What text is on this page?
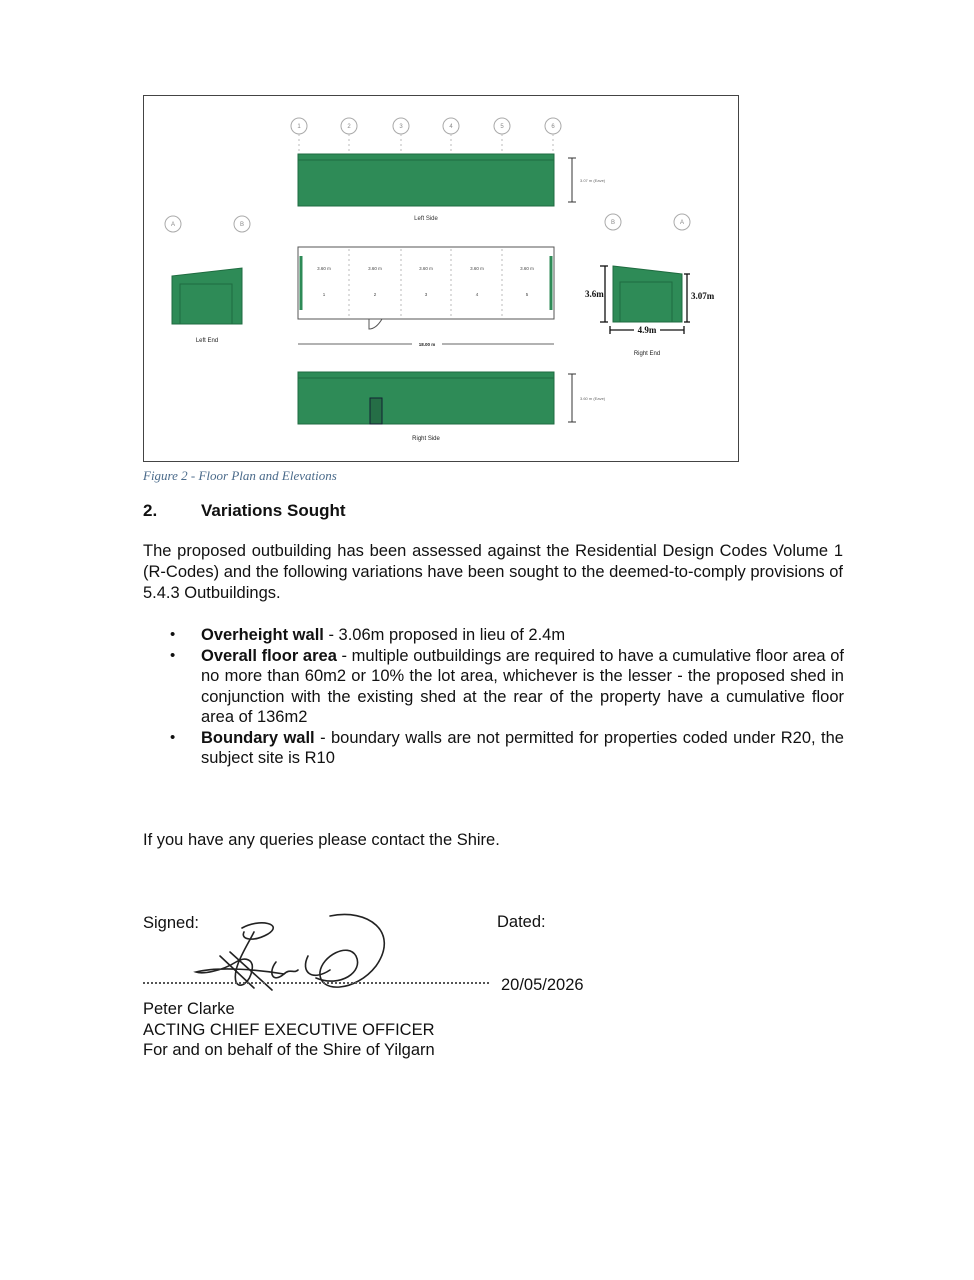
1	2	3	4	5	6
A	B	B	A
Left Side
3.07 m (Eave)
3.60 m	3.60 m	3.60 m	3.60 m	3.60 m
1	2	3	4	5
18.00 m
Left End
3.6m	3.07m
4.9m
Right End
3.60 m (Eave)
Right Side
Figure 2 - Floor Plan and Elevations
2.	Variations Sought
The proposed outbuilding has been assessed against the Residential Design Codes Volume 1 (R-Codes) and the following variations have been sought to the deemed-to-comply provisions of 5.4.3 Outbuildings.
• Overheight wall - 3.06m proposed in lieu of 2.4m
• Overall floor area - multiple outbuildings are required to have a cumulative floor area of no more than 60m2 or 10% the lot area, whichever is the lesser - the proposed shed in conjunction with the existing shed at the rear of the property have a cumulative floor area of 136m2
• Boundary wall - boundary walls are not permitted for properties coded under R20, the subject site is R10
If you have any queries please contact the Shire.
Signed:	Dated:
20/05/2026
Peter Clarke
ACTING CHIEF EXECUTIVE OFFICER
For and on behalf of the Shire of Yilgarn
